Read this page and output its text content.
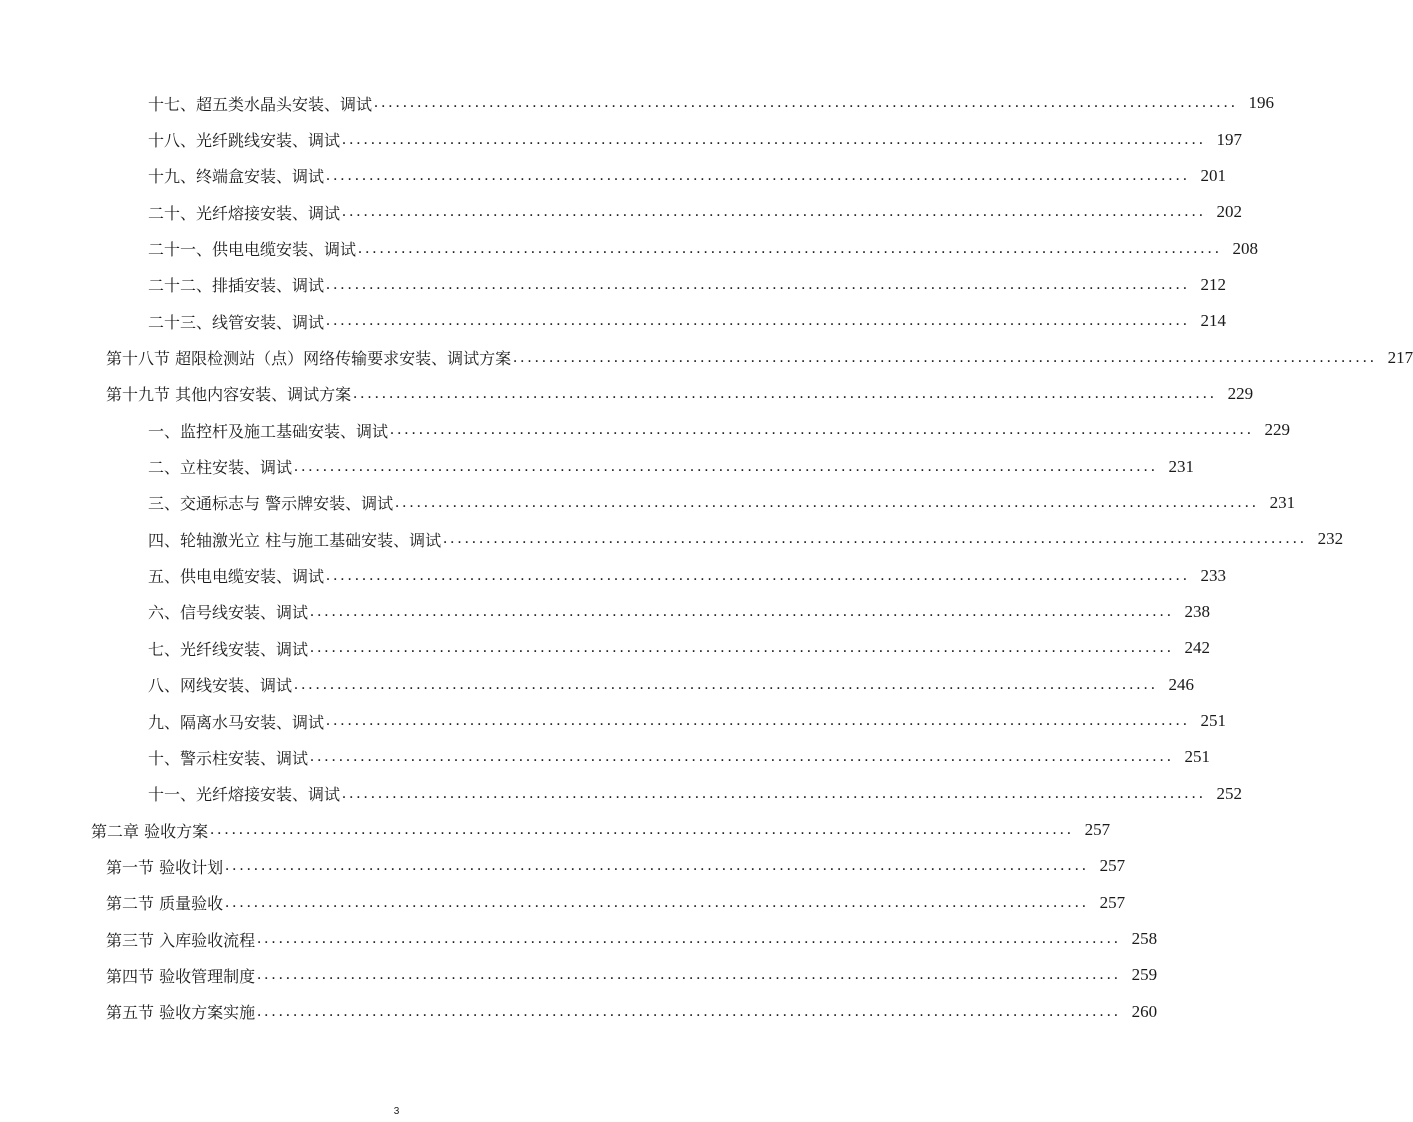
十七、超五类水晶头安装、调试 ........................................................................................................................ 196
十八、光纤跳线安装、调试 ........................................................................................................................ 197
十九、终端盒安装、调试 ........................................................................................................................ 201
二十、光纤熔接安装、调试 ........................................................................................................................ 202
二十一、供电电缆安装、调试 ........................................................................................................................ 208
二十二、排插安装、调试 ........................................................................................................................ 212
二十三、线管安装、调试 ........................................................................................................................ 214
第十八节 超限检测站（点）网络传输要求安装、调试方案 ........................................................................................................................ 217
第十九节 其他内容安装、调试方案 ........................................................................................................................ 229
一、监控杆及施工基础安装、调试 ........................................................................................................................ 229
二、立柱安装、调试 ........................................................................................................................ 231
三、交通标志与 警示牌安装、调试 ........................................................................................................................ 231
四、轮轴激光立 柱与施工基础安装、调试 ........................................................................................................................ 232
五、供电电缆安装、调试 ........................................................................................................................ 233
六、信号线安装、调试 ........................................................................................................................ 238
七、光纤线安装、调试 ........................................................................................................................ 242
八、网线安装、调试 ........................................................................................................................ 246
九、隔离水马安装、调试 ........................................................................................................................ 251
十、警示柱安装、调试 ........................................................................................................................ 251
十一、光纤熔接安装、调试 ........................................................................................................................ 252
第二章 验收方案 ........................................................................................................................ 257
第一节 验收计划 ........................................................................................................................ 257
第二节 质量验收 ........................................................................................................................ 257
第三节 入库验收流程 ........................................................................................................................ 258
第四节 验收管理制度 ........................................................................................................................ 259
第五节 验收方案实施 ........................................................................................................................ 260
3
